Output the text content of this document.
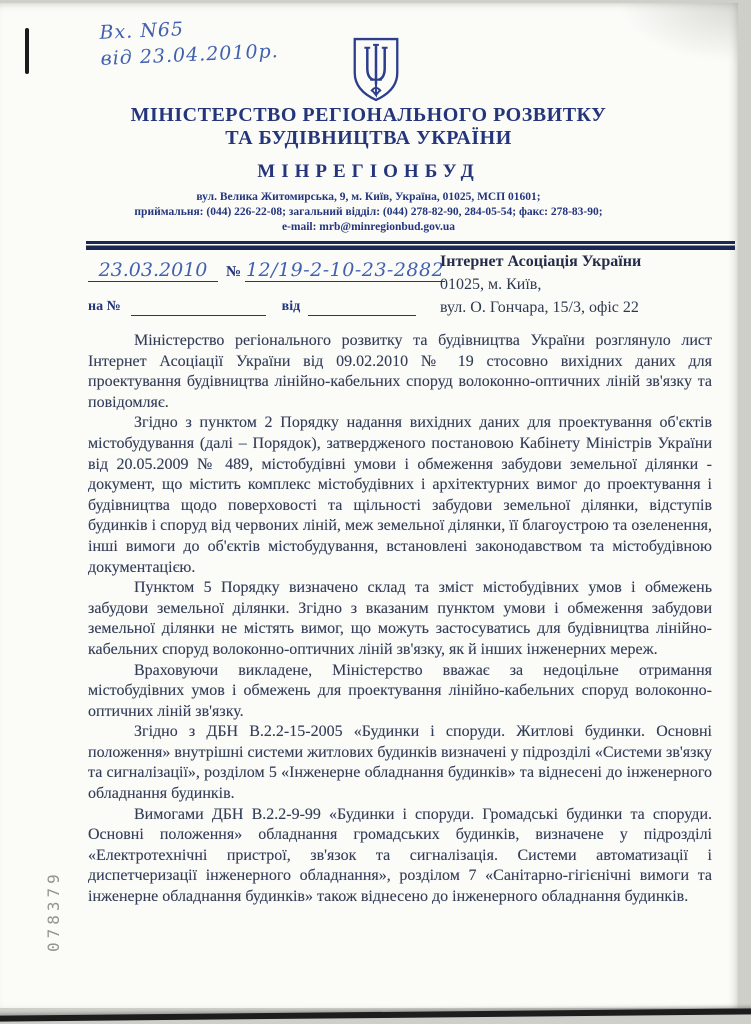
Вх. N65
від 23.04.2010р.
МІНІСТЕРСТВО РЕГІОНАЛЬНОГО РОЗВИТКУ
ТА БУДІВНИЦТВА УКРАЇНИ
МІНРЕГІОНБУД
вул. Велика Житомирська, 9, м. Київ, Україна, 01025, МСП 01601;
приймальня: (044) 226-22-08; загальний відділ: (044) 278-82-90, 284-05-54; факс: 278-83-90;
e-mail: mrb@minregionbud.gov.ua
23.03.2010	№ 12/19-2-10-23-2882
на №	від
Інтернет Асоціація України
01025, м. Київ,
вул. О. Гончара, 15/3, офіс 22

Міністерство регіонального розвитку та будівництва України розглянуло лист Інтернет Асоціації України від 09.02.2010 № 19 стосовно вихідних даних для проектування будівництва лінійно-кабельних споруд волоконно-оптичних ліній зв'язку та повідомляє.

Згідно з пунктом 2 Порядку надання вихідних даних для проектування об'єктів містобудування (далі – Порядок), затвердженого постановою Кабінету Міністрів України від 20.05.2009 № 489, містобудівні умови і обмеження забудови земельної ділянки - документ, що містить комплекс містобудівних і архітектурних вимог до проектування і будівництва щодо поверховості та щільності забудови земельної ділянки, відступів будинків і споруд від червоних ліній, меж земельної ділянки, її благоустрою та озеленення, інші вимоги до об'єктів містобудування, встановлені законодавством та містобудівною документацією.

Пунктом 5 Порядку визначено склад та зміст містобудівних умов і обмежень забудови земельної ділянки. Згідно з вказаним пунктом умови і обмеження забудови земельної ділянки не містять вимог, що можуть застосуватись для будівництва лінійно-кабельних споруд волоконно-оптичних ліній зв'язку, як й інших інженерних мереж.

Враховуючи викладене, Міністерство вважає за недоцільне отримання містобудівних умов і обмежень для проектування лінійно-кабельних споруд волоконно-оптичних ліній зв'язку.

Згідно з ДБН В.2.2-15-2005 «Будинки і споруди. Житлові будинки. Основні положення» внутрішні системи житлових будинків визначені у підрозділі «Системи зв'язку та сигналізації», розділом 5 «Інженерне обладнання будинків» та віднесені до інженерного обладнання будинків.

Вимогами ДБН В.2.2-9-99 «Будинки і споруди. Громадські будинки та споруди. Основні положення» обладнання громадських будинків, визначене у підрозділі «Електротехнічні пристрої, зв'язок та сигналізація. Системи автоматизації і диспетчеризації інженерного обладнання», розділом 7 «Санітарно-гігієнічні вимоги та інженерне обладнання будинків» також віднесено до інженерного обладнання будинків.

078379
